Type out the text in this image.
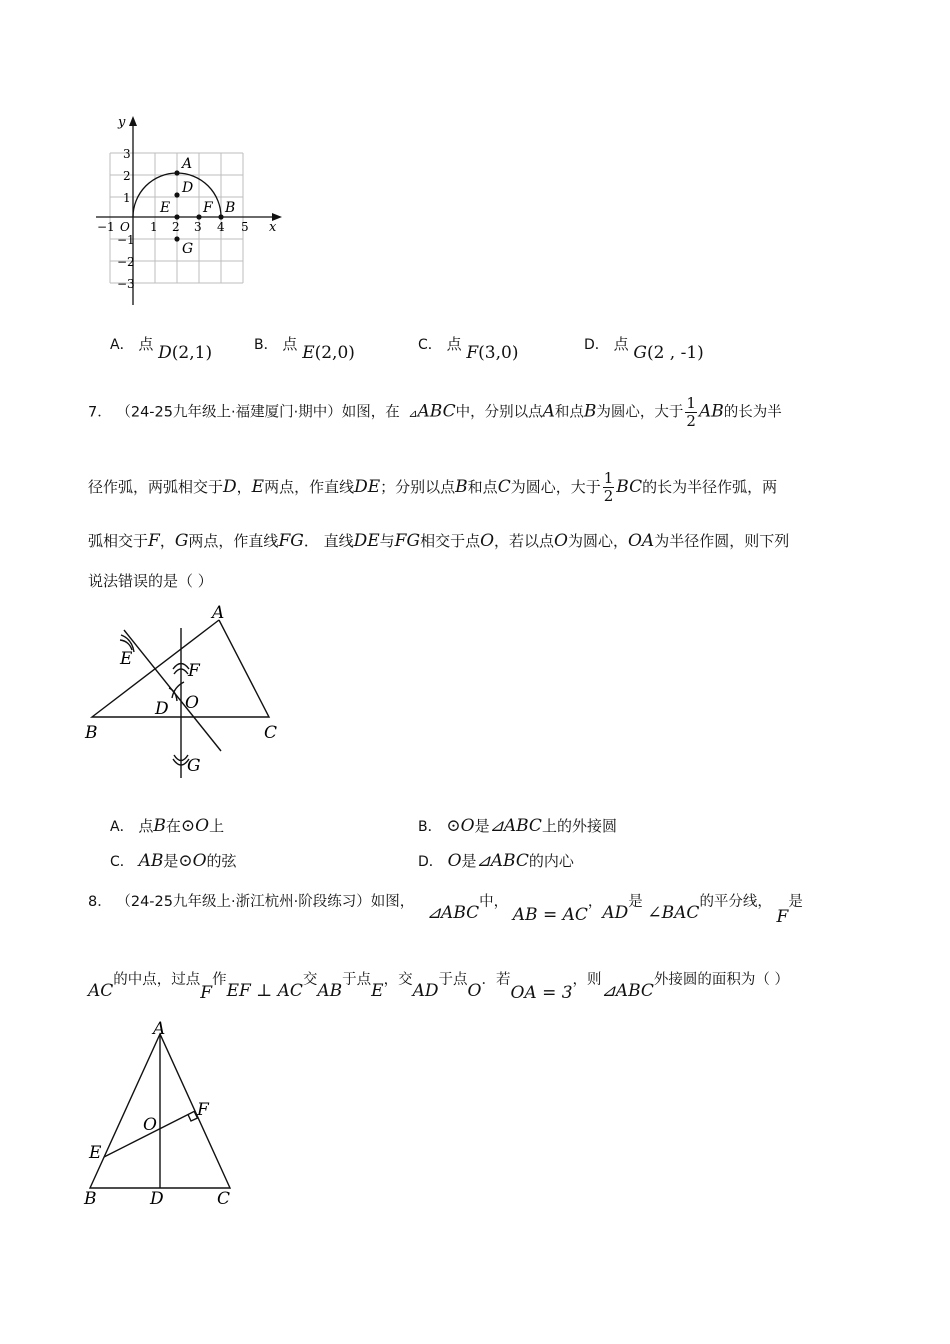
y
x
3
2
1
−1
−2
−3
−1 O 1 2 3 4 5
A
D
E F B
G
A． 点 D(2,1)	B． 点 E(2,0)	C． 点 F(3,0)	D． 点 G(2 , -1)
7． （24-25九年级上·福建厦门·期中）如图，在 ⊿ABC中，分别以点A和点B为圆心，大于 $\frac{1}{2}$ AB的长为半
径作弧，两弧相交于D，E两点，作直线DE；分别以点B和点C为圆心，大于 $\frac{1}{2}$ BC的长为半径作弧，两
弧相交于F，G两点，作直线FG． 直线DE与FG相交于点O，若以点O为圆心，OA为半径作圆，则下列
说法错误的是（ ）
A
B	C
D
E
F
G
O
A． 点B在⊙O上	B． ⊙O是⊿ABC上的外接圆
C． AB是⊙O的弦	D． O是⊿ABC的内心
8． （24-25九年级上·浙江杭州·阶段练习）如图， ⊿ABC中， AB = AC，AD是 ∠BAC的平分线， F是
AC的中点，过点F作EF ⊥ AC交AB于点E，交AD于点O．若OA = 3，则⊿ABC外接圆的面积为（ ）
A
B	C
D
E
F
O
